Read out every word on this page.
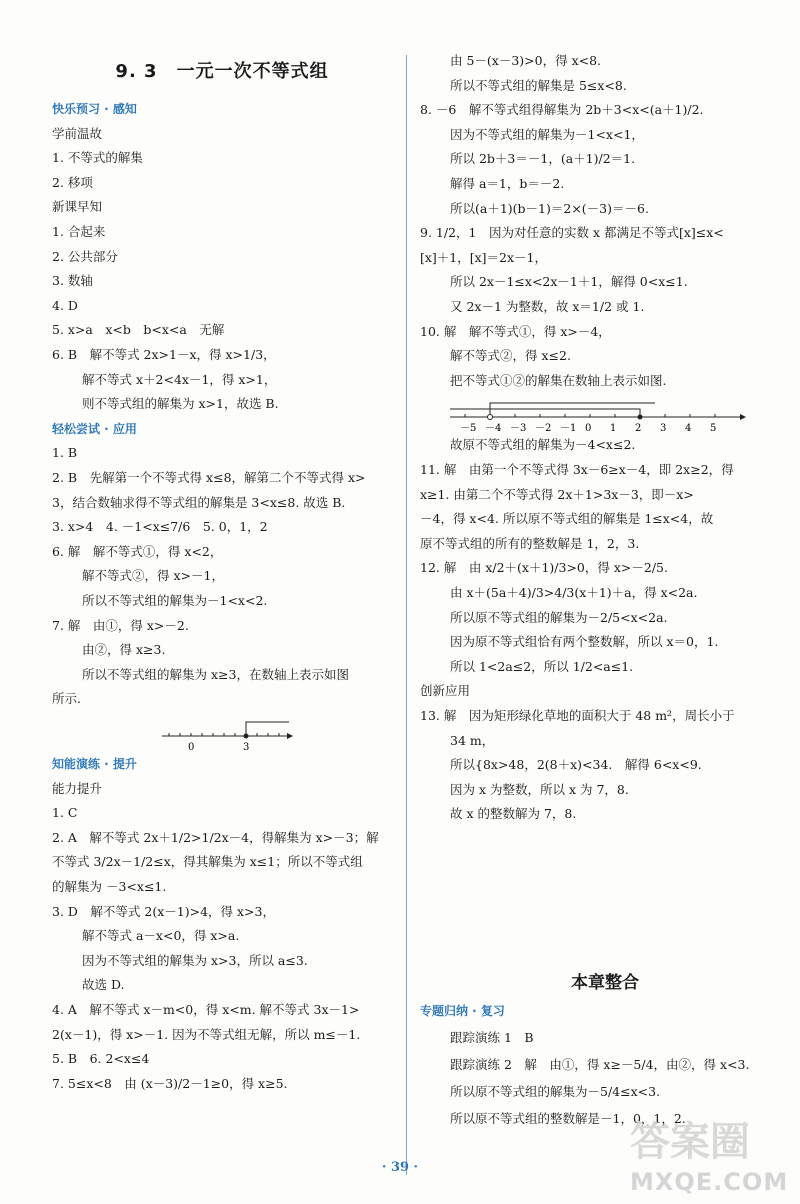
9. 3　一元一次不等式组
快乐预习 · 感知
学前温故
1. 不等式的解集
2. 移项
新课早知
1. 合起来
2. 公共部分
3. 数轴
4. D
5. x>a　x<b　b<x<a　无解
6. B　解不等式 2x>1－x，得 x>1/3，
解不等式 x＋2<4x－1，得 x>1，
则不等式组的解集为 x>1，故选 B.
轻松尝试 · 应用
1. B
2. B　先解第一个不等式得 x≤8，解第二个不等式得 x>
3，结合数轴求得不等式组的解集是 3<x≤8. 故选 B.
3. x>4　4. －1<x≤7/6　5. 0，1，2
6. 解　解不等式①，得 x<2，
解不等式②，得 x>－1，
所以不等式组的解集为－1<x<2.
7. 解　由①，得 x>－2.
由②，得 x≥3.
所以不等式组的解集为 x≥3，在数轴上表示如图
所示.
0	3
知能演练 · 提升
能力提升
1. C
2. A　解不等式 2x＋1/2>1/2x－4，得解集为 x>－3；解
不等式 3/2x－1/2≤x，得其解集为 x≤1；所以不等式组
的解集为 －3<x≤1.
3. D　解不等式 2(x－1)>4，得 x>3，
解不等式 a－x<0，得 x>a.
因为不等式组的解集为 x>3，所以 a≤3.
故选 D.
4. A　解不等式 x－m<0，得 x<m. 解不等式 3x－1>
2(x－1)，得 x>－1. 因为不等式组无解，所以 m≤－1.
5. B　6. 2<x≤4
7. 5≤x<8　由 (x－3)/2－1≥0，得 x≥5.
由 5－(x－3)>0，得 x<8.
所以不等式组的解集是 5≤x<8.
8. －6　解不等式组得解集为 2b＋3<x<(a＋1)/2.
因为不等式组的解集为－1<x<1，
所以 2b＋3＝－1，(a＋1)/2＝1.
解得 a＝1，b＝－2.
所以(a＋1)(b－1)＝2×(－3)＝－6.
9. 1/2，1　因为对任意的实数 x 都满足不等式[x]≤x<
[x]＋1，[x]＝2x－1，
所以 2x－1≤x<2x－1＋1，解得 0<x≤1.
又 2x－1 为整数，故 x＝1/2 或 1.
10. 解　解不等式①，得 x>－4，
解不等式②，得 x≤2.
把不等式①②的解集在数轴上表示如图.
－5 －4 －3 －2 －1 0 1 2 3 4 5
故原不等式组的解集为－4<x≤2.
11. 解　由第一个不等式得 3x－6≥x－4，即 2x≥2，得
x≥1. 由第二个不等式得 2x＋1>3x－3，即－x>
－4，得 x<4. 所以原不等式组的解集是 1≤x<4，故
原不等式组的所有的整数解是 1，2，3.
12. 解　由 x/2＋(x＋1)/3>0，得 x>－2/5.
由 x＋(5a＋4)/3>4/3(x＋1)＋a，得 x<2a.
所以原不等式组的解集为－2/5<x<2a.
因为原不等式组恰有两个整数解，所以 x＝0，1.
所以 1<2a≤2，所以 1/2<a≤1.
创新应用
13. 解　因为矩形绿化草地的面积大于 48 m²，周长小于
34 m，
所以{8x>48，2(8＋x)<34.　解得 6<x<9.
因为 x 为整数，所以 x 为 7，8.
故 x 的整数解为 7，8.
本章整合
专题归纳 · 复习
跟踪演练 1　B
跟踪演练 2　解　由①，得 x≥－5/4，由②，得 x<3.
所以原不等式组的解集为－5/4≤x<3.
所以原不等式组的整数解是－1，0，1，2.
· 39 ·
答案圈
MXQE.COM
